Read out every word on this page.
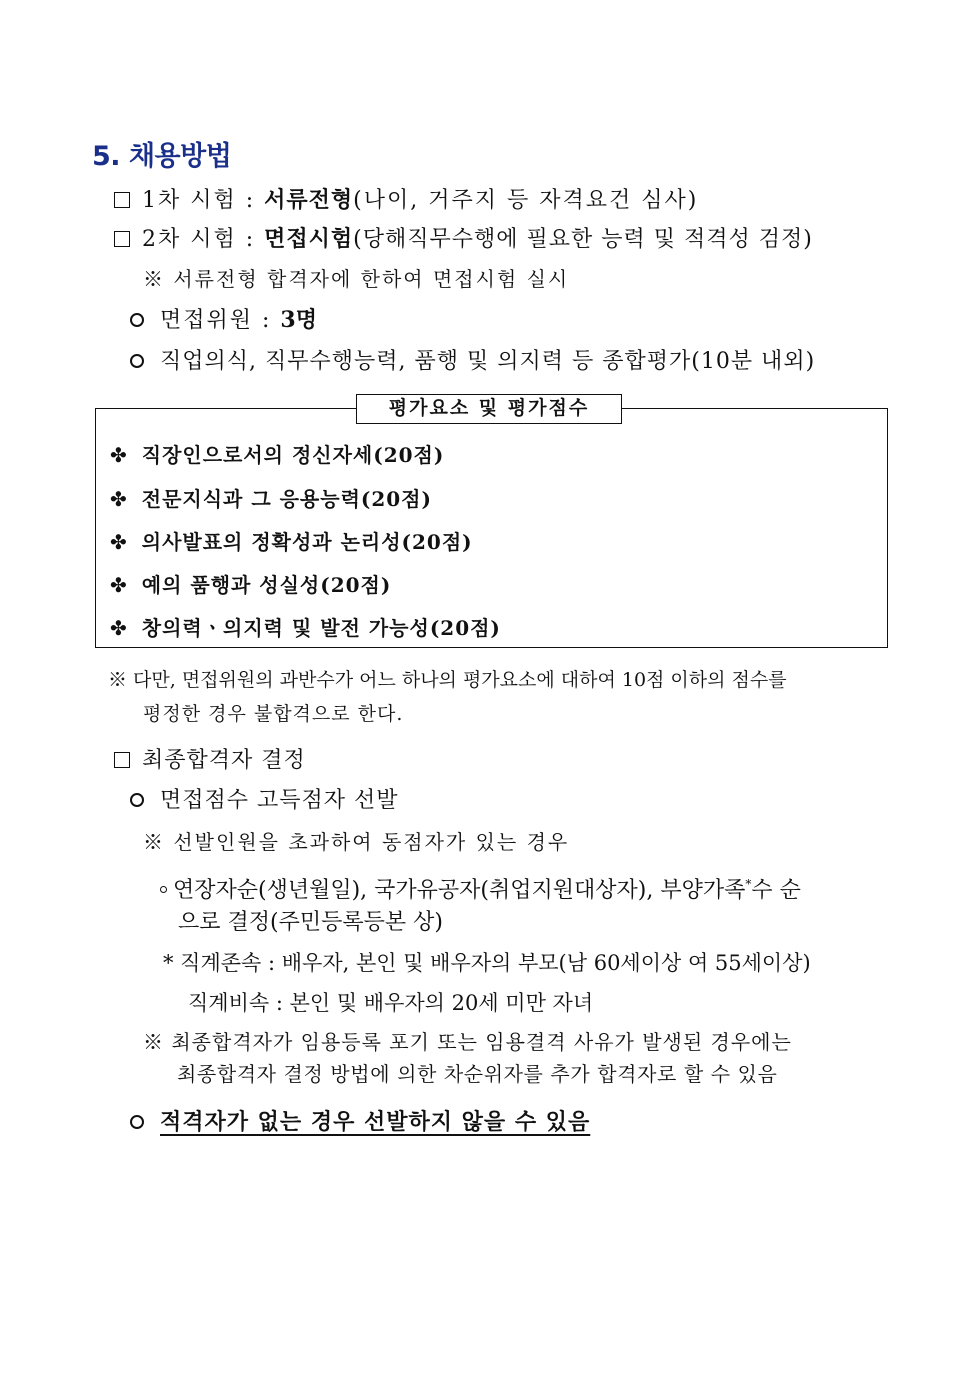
5. 채용방법
1차 시험 : 서류전형(나이, 거주지 등 자격요건 심사)
2차 시험 : 면접시험(당해직무수행에 필요한 능력 및 적격성 검정)
※ 서류전형 합격자에 한하여 면접시험 실시
면접위원 : 3명
직업의식, 직무수행능력, 품행 및 의지력 등 종합평가(10분 내외)
평가요소 및 평가점수
✤ 직장인으로서의 정신자세(20점)
✤ 전문지식과 그 응용능력(20점)
✤ 의사발표의 정확성과 논리성(20점)
✤ 예의 품행과 성실성(20점)
✤ 창의력ㆍ의지력 및 발전 가능성(20점)
※ 다만, 면접위원의 과반수가 어느 하나의 평가요소에 대하여 10점 이하의 점수를
평정한 경우 불합격으로 한다.
최종합격자 결정
면접점수 고득점자 선발
※ 선발인원을 초과하여 동점자가 있는 경우
연장자순(생년월일), 국가유공자(취업지원대상자), 부양가족*수 순
으로 결정(주민등록등본 상)
* 직계존속 : 배우자, 본인 및 배우자의 부모(남 60세이상 여 55세이상)
직계비속 : 본인 및 배우자의 20세 미만 자녀
※ 최종합격자가 임용등록 포기 또는 임용결격 사유가 발생된 경우에는
최종합격자 결정 방법에 의한 차순위자를 추가 합격자로 할 수 있음
적격자가 없는 경우 선발하지 않을 수 있음
